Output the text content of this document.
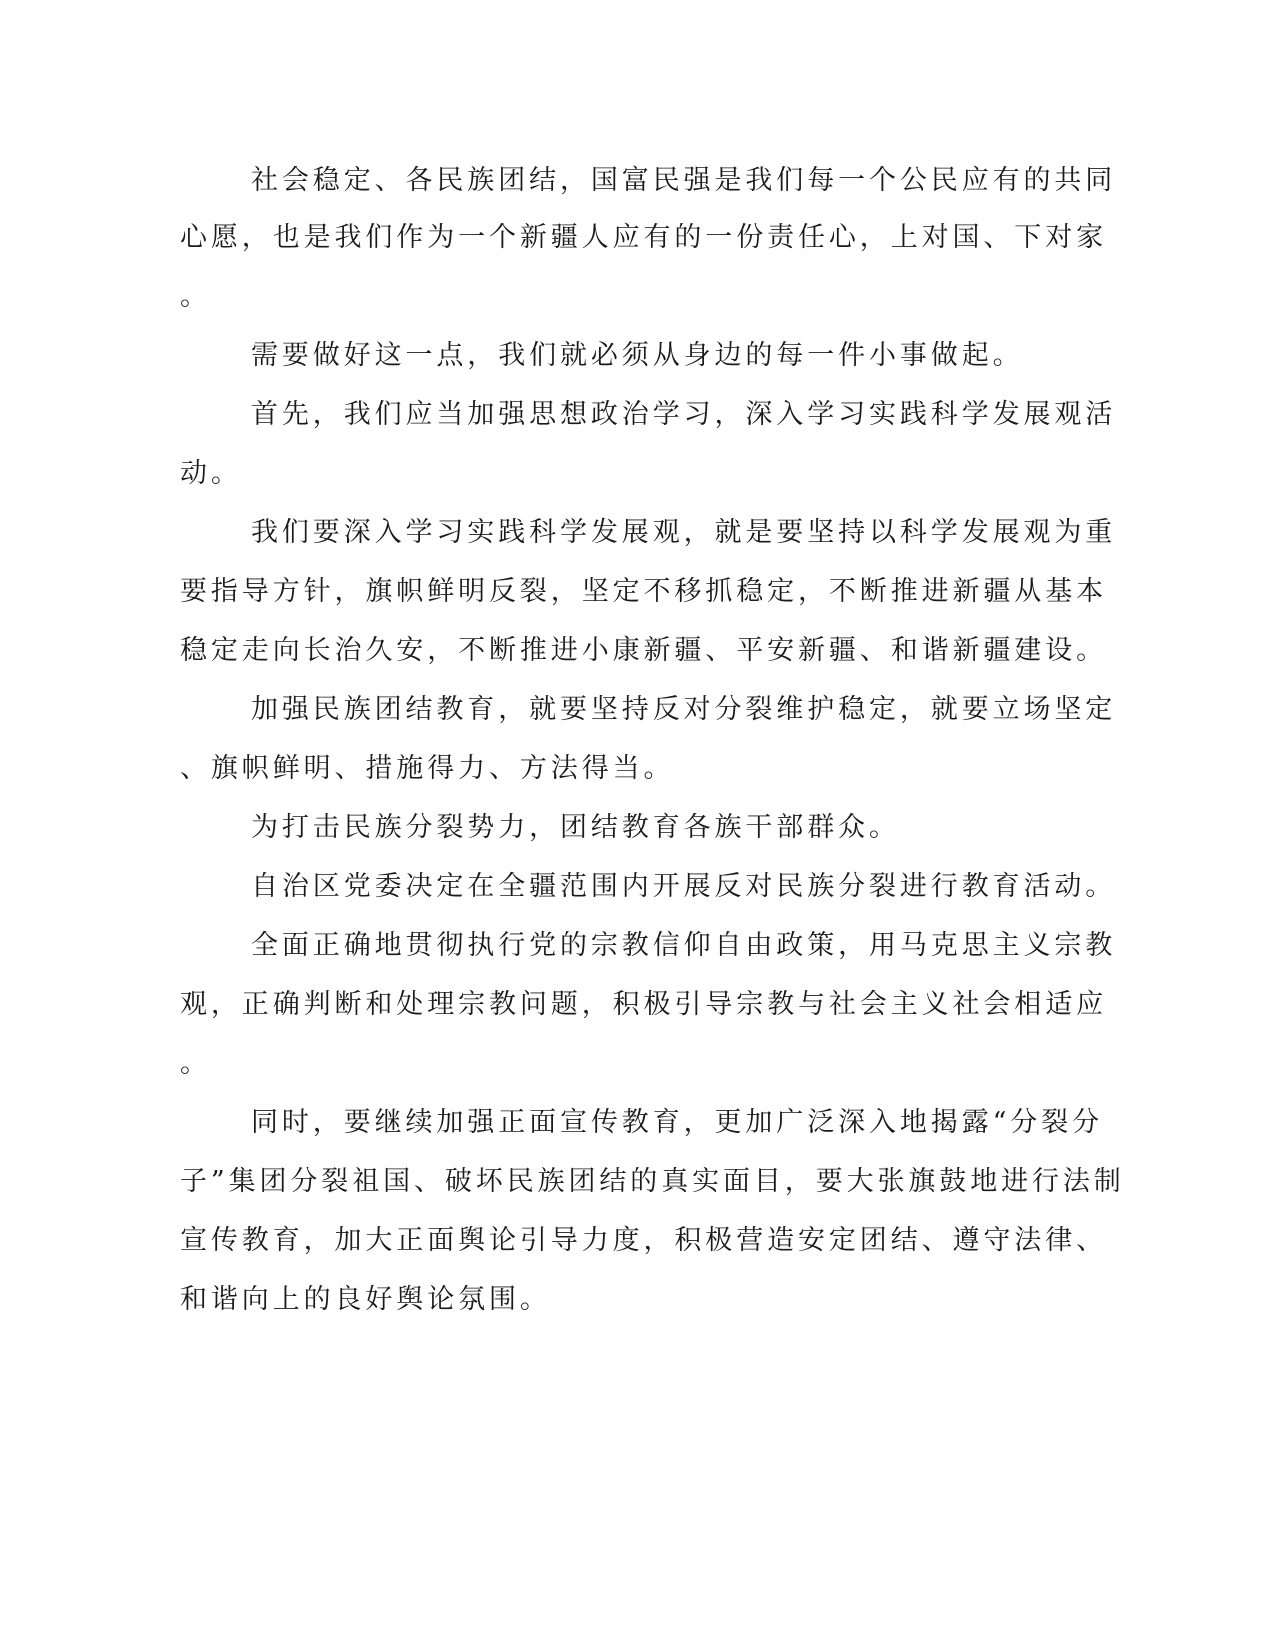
社会稳定、各民族团结，国富民强是我们每一个公民应有的共同

心愿，也是我们作为一个新疆人应有的一份责任心，上对国、下对家

。

需要做好这一点，我们就必须从身边的每一件小事做起。

首先，我们应当加强思想政治学习，深入学习实践科学发展观活

动。

我们要深入学习实践科学发展观，就是要坚持以科学发展观为重

要指导方针，旗帜鲜明反裂，坚定不移抓稳定，不断推进新疆从基本

稳定走向长治久安，不断推进小康新疆、平安新疆、和谐新疆建设。

加强民族团结教育，就要坚持反对分裂维护稳定，就要立场坚定

、旗帜鲜明、措施得力、方法得当。

为打击民族分裂势力，团结教育各族干部群众。

自治区党委决定在全疆范围内开展反对民族分裂进行教育活动。

全面正确地贯彻执行党的宗教信仰自由政策，用马克思主义宗教

观，正确判断和处理宗教问题，积极引导宗教与社会主义社会相适应

。

同时，要继续加强正面宣传教育，更加广泛深入地揭露“分裂分

子”集团分裂祖国、破坏民族团结的真实面目，要大张旗鼓地进行法制

宣传教育，加大正面舆论引导力度，积极营造安定团结、遵守法律、

和谐向上的良好舆论氛围。
